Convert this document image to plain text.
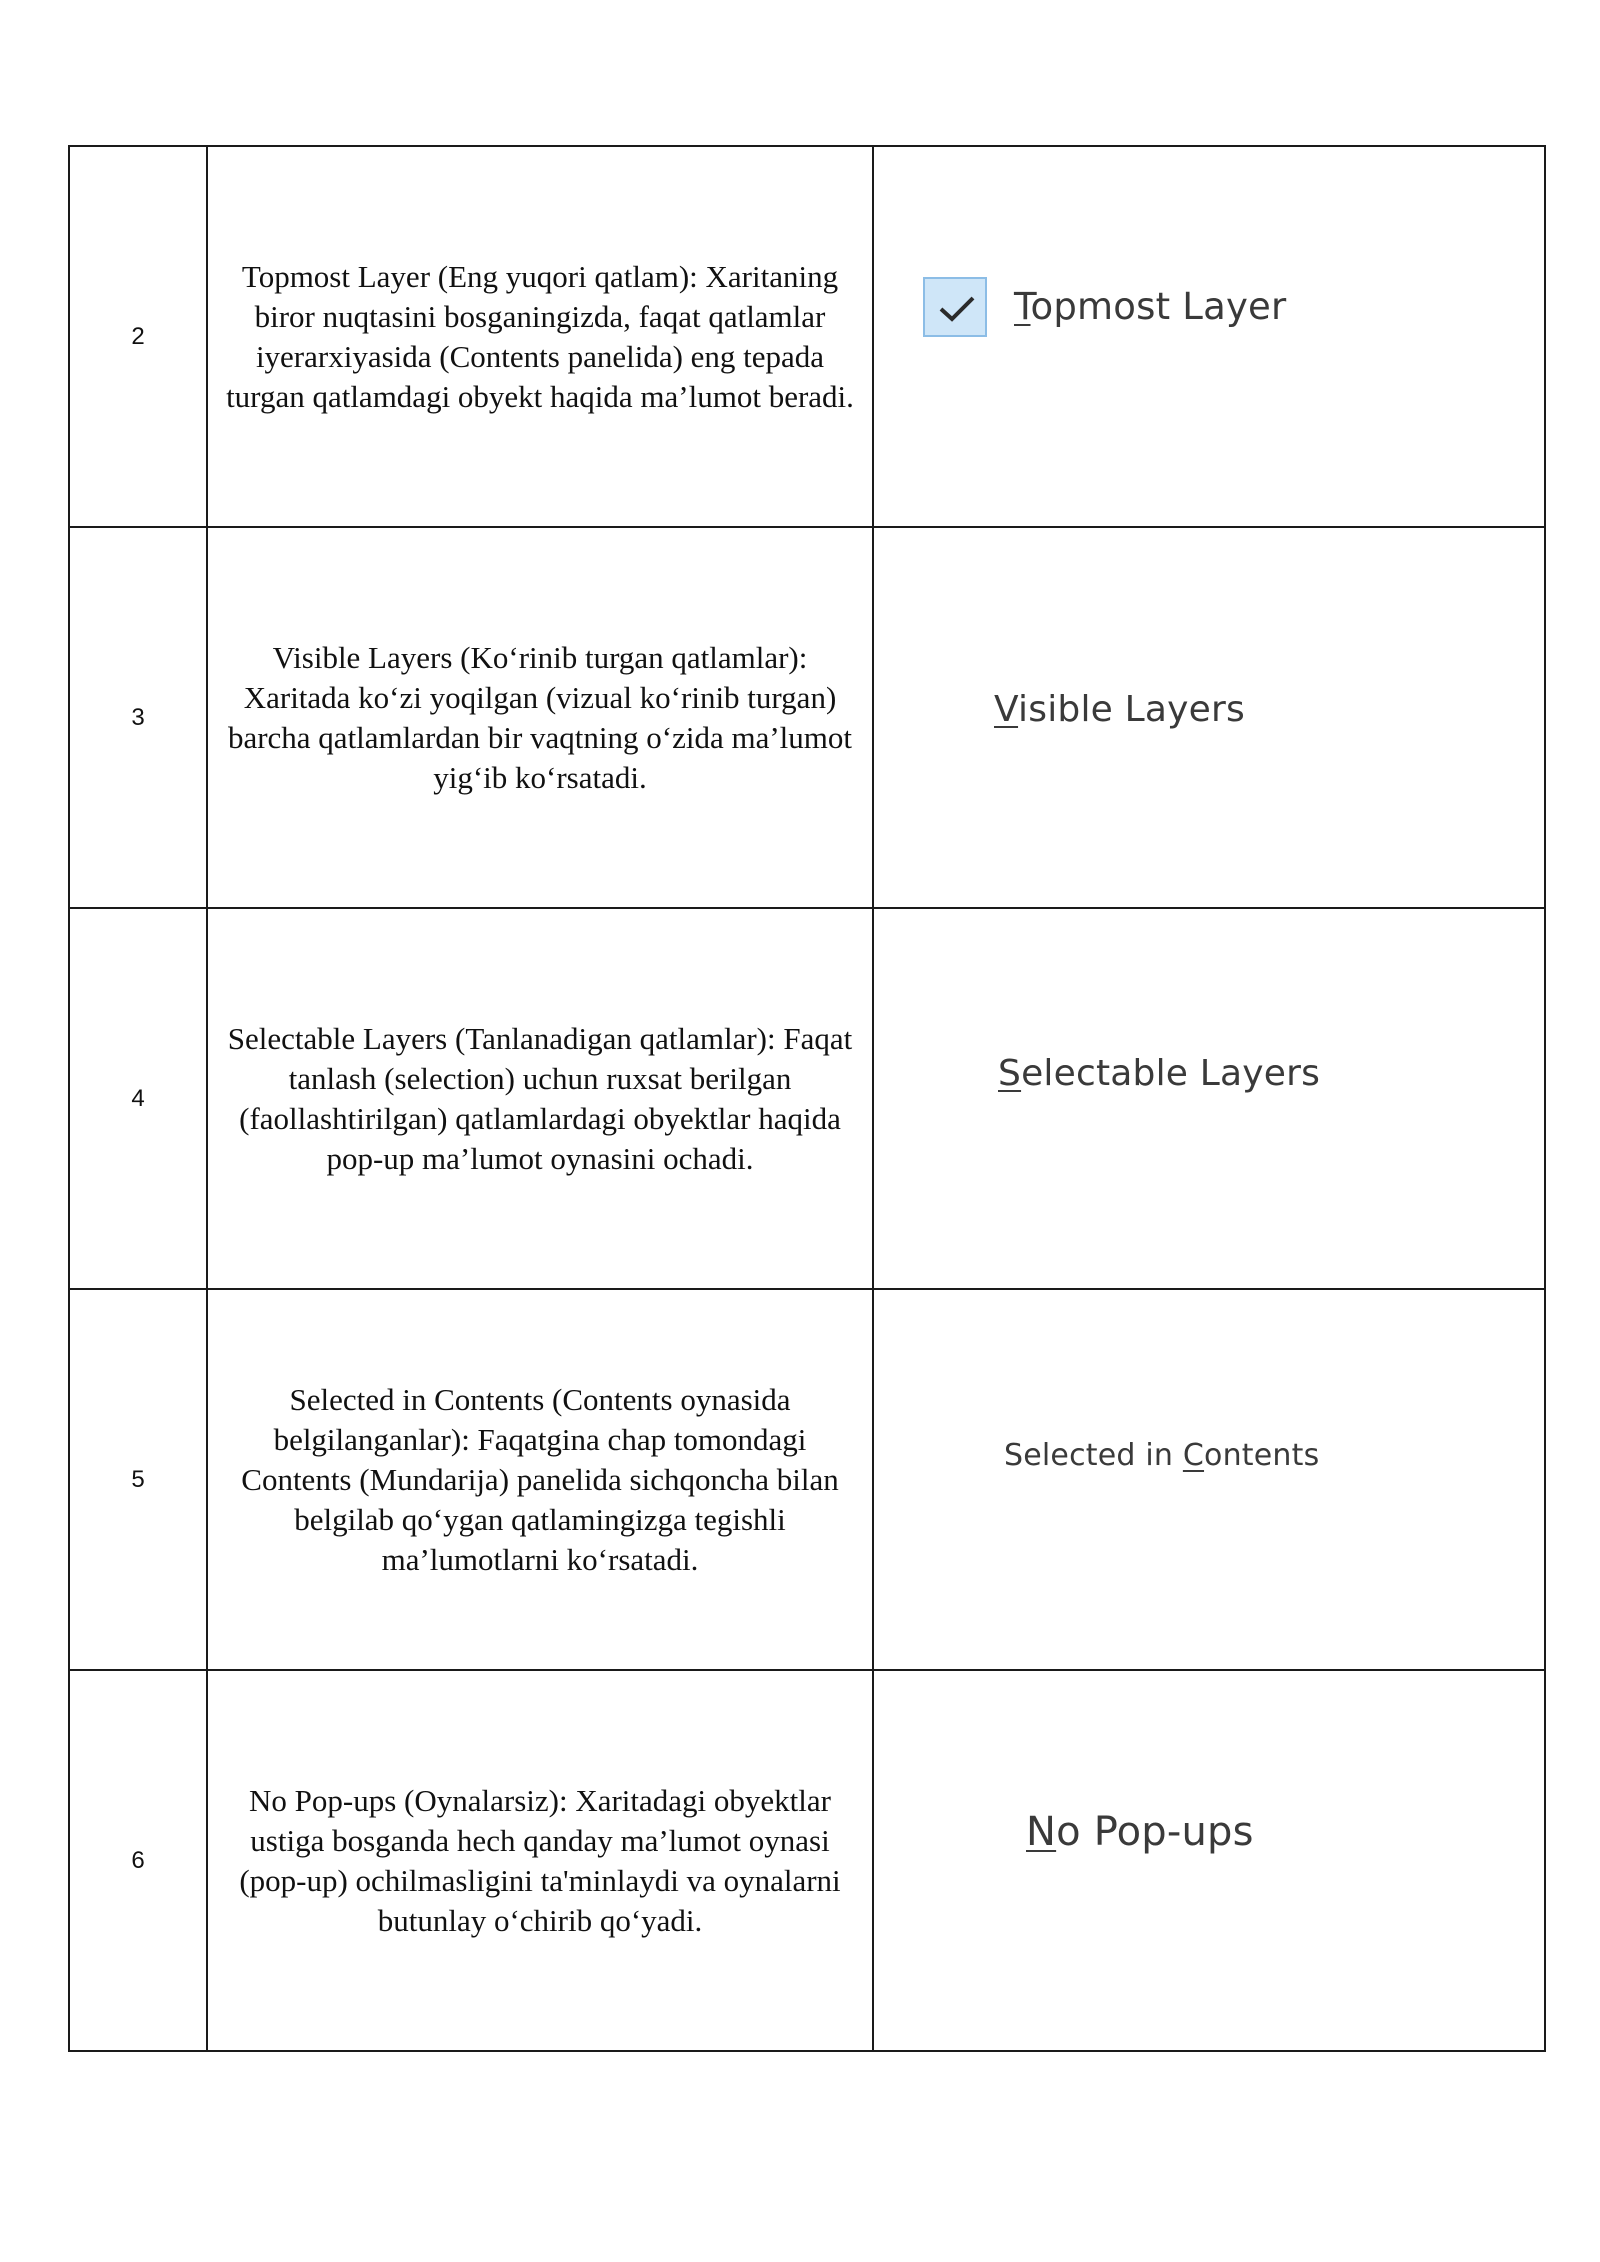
2	Topmost Layer (Eng yuqori qatlam): Xaritaning
biror nuqtasini bosganingizda, faqat qatlamlar
iyerarxiyasida (Contents panelida) eng tepada
turgan qatlamdagi obyekt haqida ma’lumot beradi.	Topmost Layer

3	Visible Layers (Ko‘rinib turgan qatlamlar):
Xaritada ko‘zi yoqilgan (vizual ko‘rinib turgan)
barcha qatlamlardan bir vaqtning o‘zida ma’lumot
yig‘ib ko‘rsatadi.	Visible Layers

4	Selectable Layers (Tanlanadigan qatlamlar): Faqat
tanlash (selection) uchun ruxsat berilgan
(faollashtirilgan) qatlamlardagi obyektlar haqida
pop-up ma’lumot oynasini ochadi.	Selectable Layers

5	Selected in Contents (Contents oynasida
belgilanganlar): Faqatgina chap tomondagi
Contents (Mundarija) panelida sichqoncha bilan
belgilab qo‘ygan qatlamingizga tegishli
ma’lumotlarni ko‘rsatadi.	Selected in Contents

6	No Pop-ups (Oynalarsiz): Xaritadagi obyektlar
ustiga bosganda hech qanday ma’lumot oynasi
(pop-up) ochilmasligini ta'minlaydi va oynalarni
butunlay o‘chirib qo‘yadi.	No Pop-ups
